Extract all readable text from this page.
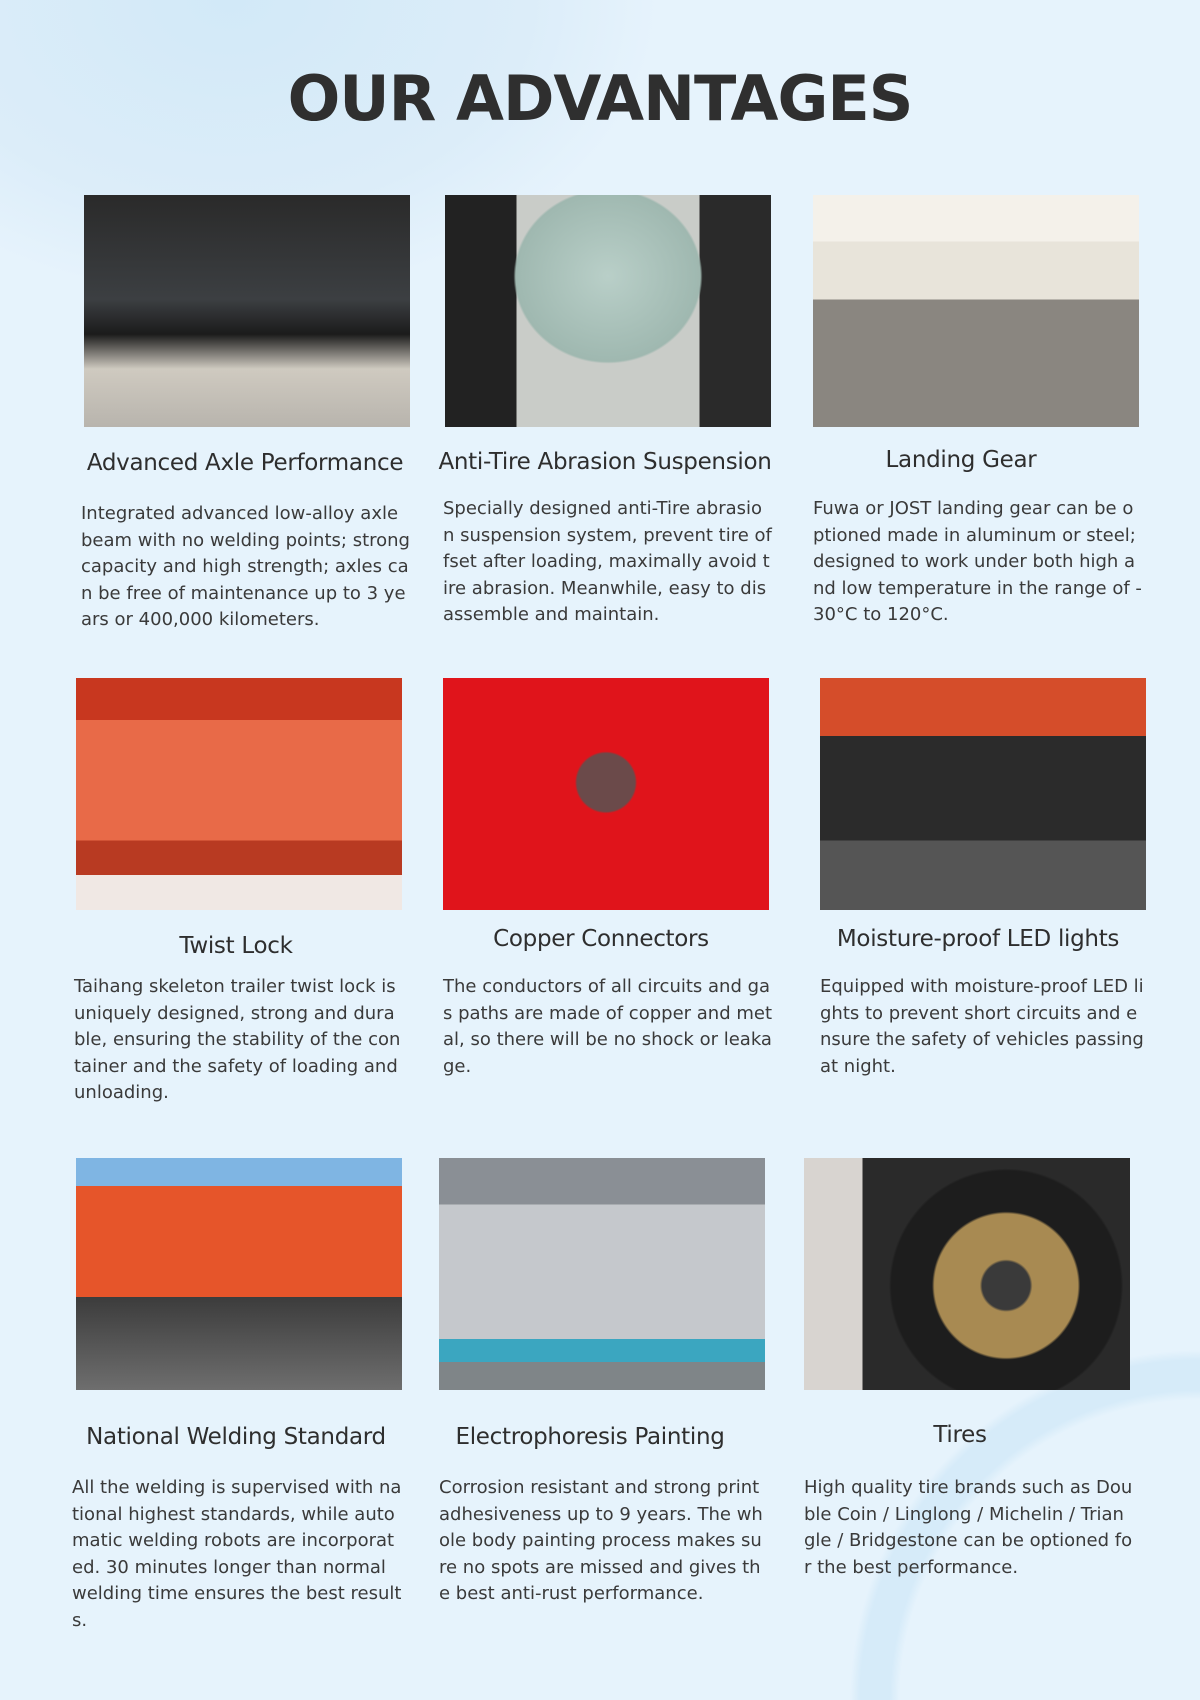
OUR ADVANTAGES
Advanced Axle Performance
Integrated advanced low-alloy axle beam with no welding points; strong capacity and high strength; axles can be free of maintenance up to 3 years or 400,000 kilometers.
Anti-Tire Abrasion Suspension
Specially designed anti-Tire abrasion suspension system, prevent tire offset after loading, maximally avoid tire abrasion. Meanwhile, easy to disassemble and maintain.
Landing Gear
Fuwa or JOST landing gear can be optioned made in aluminum or steel; designed to work under both high and low temperature in the range of -30°C to 120°C.
Twist Lock
Taihang skeleton trailer twist lock is uniquely designed, strong and durable, ensuring the stability of the container and the safety of loading and unloading.
Copper Connectors
The conductors of all circuits and gas paths are made of copper and metal, so there will be no shock or leakage.
Moisture-proof LED lights
Equipped with moisture-proof LED lights to prevent short circuits and ensure the safety of vehicles passing at night.
National Welding Standard
All the welding is supervised with national highest standards, while automatic welding robots are incorporated. 30 minutes longer than normal welding time ensures the best results.
Electrophoresis Painting
Corrosion resistant and strong print adhesiveness up to 9 years. The whole body painting process makes sure no spots are missed and gives the best anti-rust performance.
Tires
High quality tire brands such as Double Coin / Linglong / Michelin / Triangle / Bridgestone can be optioned for the best performance.
